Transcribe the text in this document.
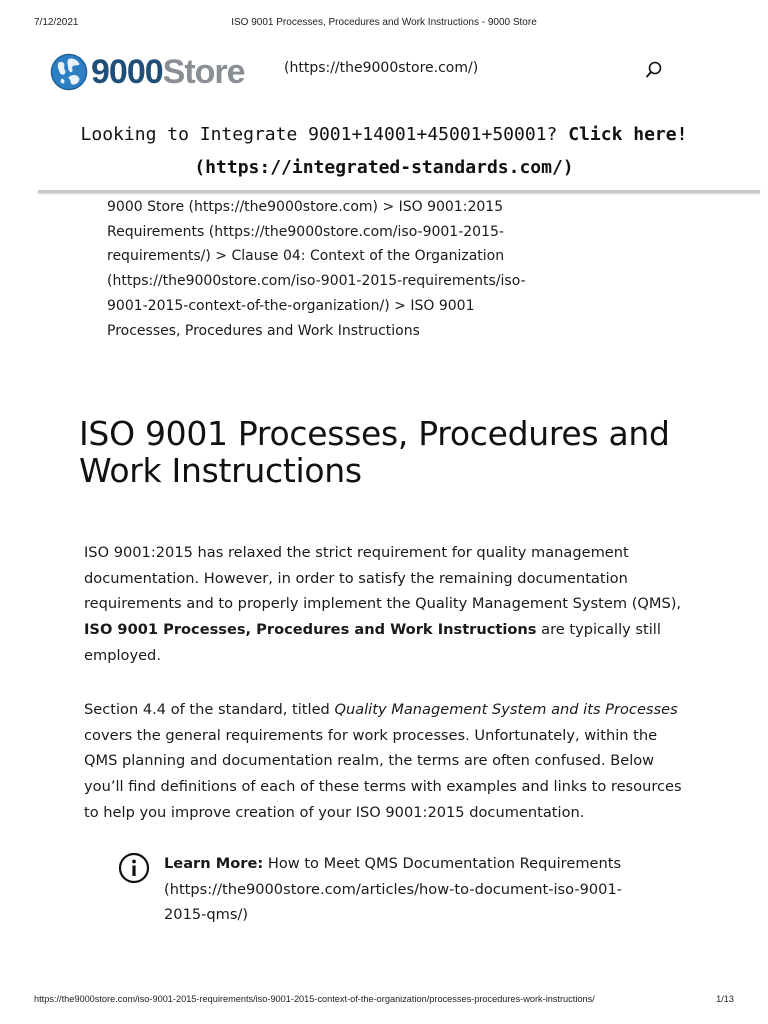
7/12/2021	ISO 9001 Processes, Procedures and Work Instructions - 9000 Store
9000Store	(https://the9000store.com/)
Looking to Integrate 9001+14001+45001+50001? Click here!
(https://integrated-standards.com/)
9000 Store (https://the9000store.com) > ISO 9001:2015 Requirements (https://the9000store.com/iso-9001-2015-requirements/) > Clause 04: Context of the Organization (https://the9000store.com/iso-9001-2015-requirements/iso-9001-2015-context-of-the-organization/) > ISO 9001 Processes, Procedures and Work Instructions
ISO 9001 Processes, Procedures and Work Instructions

ISO 9001:2015 has relaxed the strict requirement for quality management documentation. However, in order to satisfy the remaining documentation requirements and to properly implement the Quality Management System (QMS), ISO 9001 Processes, Procedures and Work Instructions are typically still employed.

Section 4.4 of the standard, titled Quality Management System and its Processes covers the general requirements for work processes. Unfortunately, within the QMS planning and documentation realm, the terms are often confused. Below you’ll find definitions of each of these terms with examples and links to resources to help you improve creation of your ISO 9001:2015 documentation.

Learn More: How to Meet QMS Documentation Requirements (https://the9000store.com/articles/how-to-document-iso-9001-2015-qms/)
https://the9000store.com/iso-9001-2015-requirements/iso-9001-2015-context-of-the-organization/processes-procedures-work-instructions/	1/13
